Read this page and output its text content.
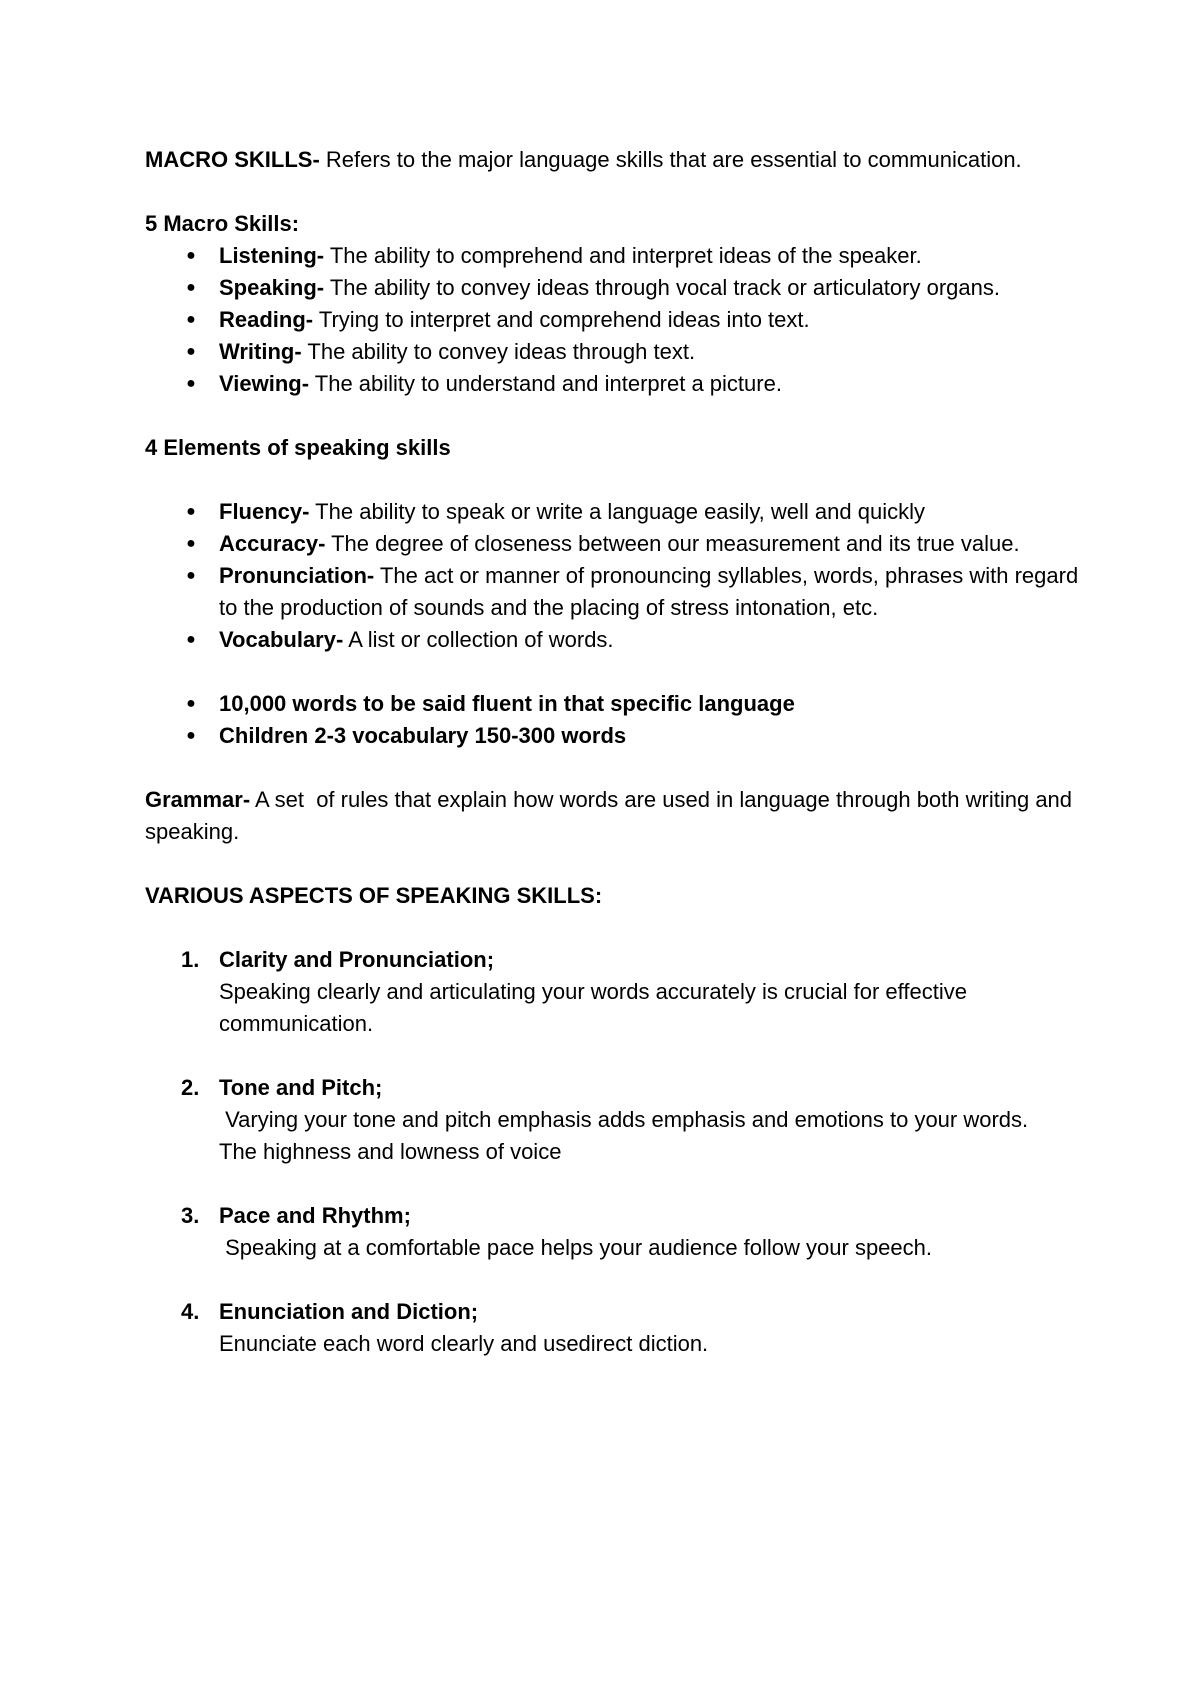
MACRO SKILLS- Refers to the major language skills that are essential to communication.

5 Macro Skills:

● Listening- The ability to comprehend and interpret ideas of the speaker.
● Speaking- The ability to convey ideas through vocal track or articulatory organs.
● Reading- Trying to interpret and comprehend ideas into text.
● Writing- The ability to convey ideas through text.
● Viewing- The ability to understand and interpret a picture.

4 Elements of speaking skills

● Fluency- The ability to speak or write a language easily, well and quickly
● Accuracy- The degree of closeness between our measurement and its true value.
● Pronunciation- The act or manner of pronouncing syllables, words, phrases with regard to the production of sounds and the placing of stress intonation, etc.
● Vocabulary- A list or collection of words.
● 10,000 words to be said fluent in that specific language
● Children 2-3 vocabulary 150-300 words

Grammar- A set  of rules that explain how words are used in language through both writing and speaking.

VARIOUS ASPECTS OF SPEAKING SKILLS:

1. Clarity and Pronunciation;
Speaking clearly and articulating your words accurately is crucial for effective communication.
2. Tone and Pitch;
Varying your tone and pitch emphasis adds emphasis and emotions to your words.
The highness and lowness of voice
3. Pace and Rhythm;
Speaking at a comfortable pace helps your audience follow your speech.
4. Enunciation and Diction;
Enunciate each word clearly and usedirect diction.
